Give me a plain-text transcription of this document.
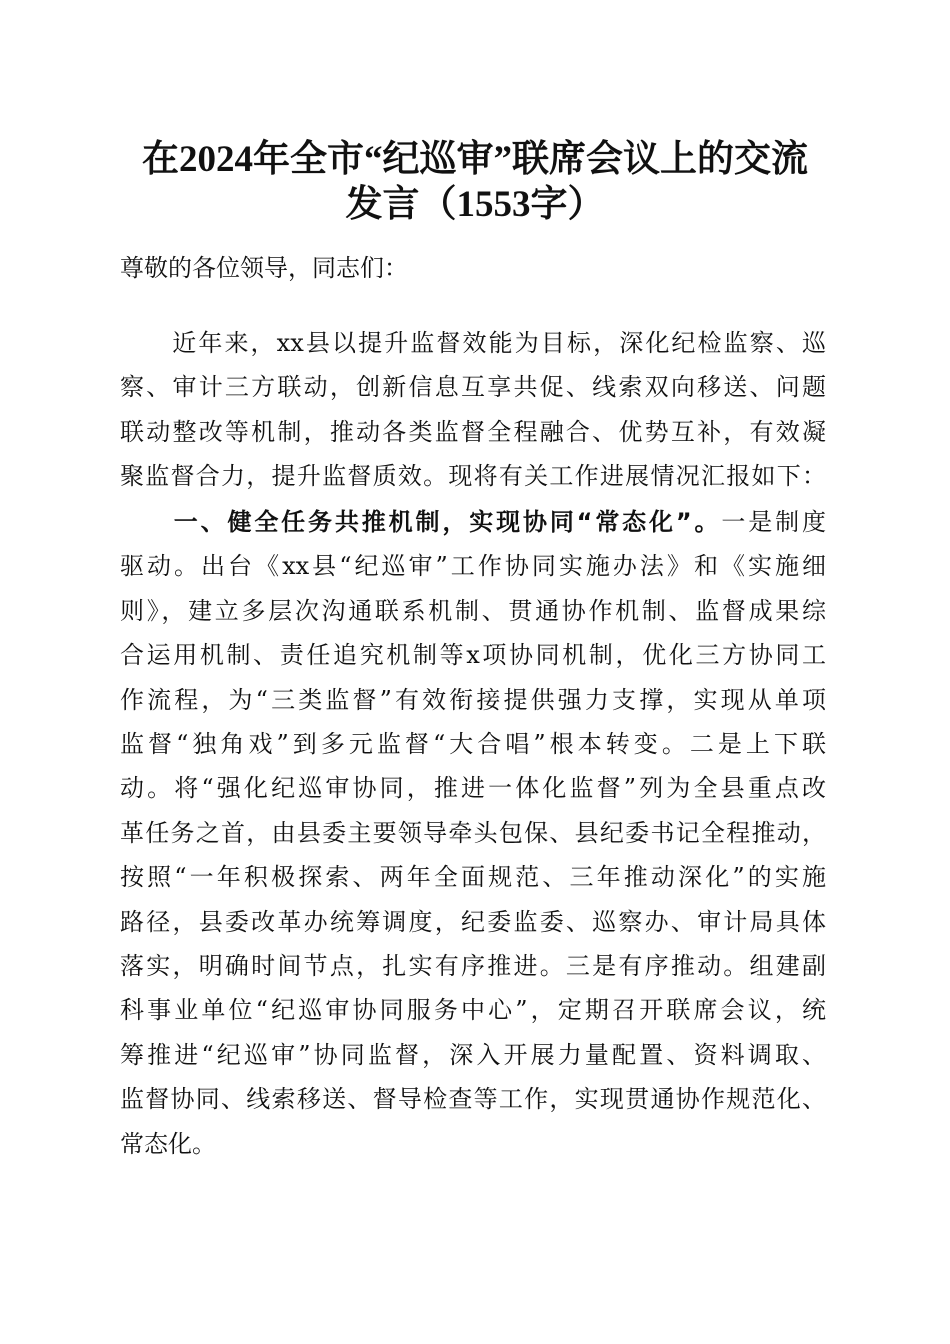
在2024年全市“纪巡审”联席会议上的交流
发言（1553字）
尊敬的各位领导，同志们：
　　近年来，xx县以提升监督效能为目标，深化纪检监察、巡
察、审计三方联动，创新信息互享共促、线索双向移送、问题
联动整改等机制，推动各类监督全程融合、优势互补，有效凝
聚监督合力，提升监督质效。现将有关工作进展情况汇报如下：
　　一、健全任务共推机制，实现协同“常态化”。一是制度
驱动。出台《xx县“纪巡审”工作协同实施办法》和《实施细
则》，建立多层次沟通联系机制、贯通协作机制、监督成果综
合运用机制、责任追究机制等x项协同机制，优化三方协同工
作流程，为“三类监督”有效衔接提供强力支撑，实现从单项
监督“独角戏”到多元监督“大合唱”根本转变。二是上下联
动。将“强化纪巡审协同，推进一体化监督”列为全县重点改
革任务之首，由县委主要领导牵头包保、县纪委书记全程推动，
按照“一年积极探索、两年全面规范、三年推动深化”的实施
路径，县委改革办统筹调度，纪委监委、巡察办、审计局具体
落实，明确时间节点，扎实有序推进。三是有序推动。组建副
科事业单位“纪巡审协同服务中心”，定期召开联席会议，统
筹推进“纪巡审”协同监督，深入开展力量配置、资料调取、
监督协同、线索移送、督导检查等工作，实现贯通协作规范化、
常态化。
